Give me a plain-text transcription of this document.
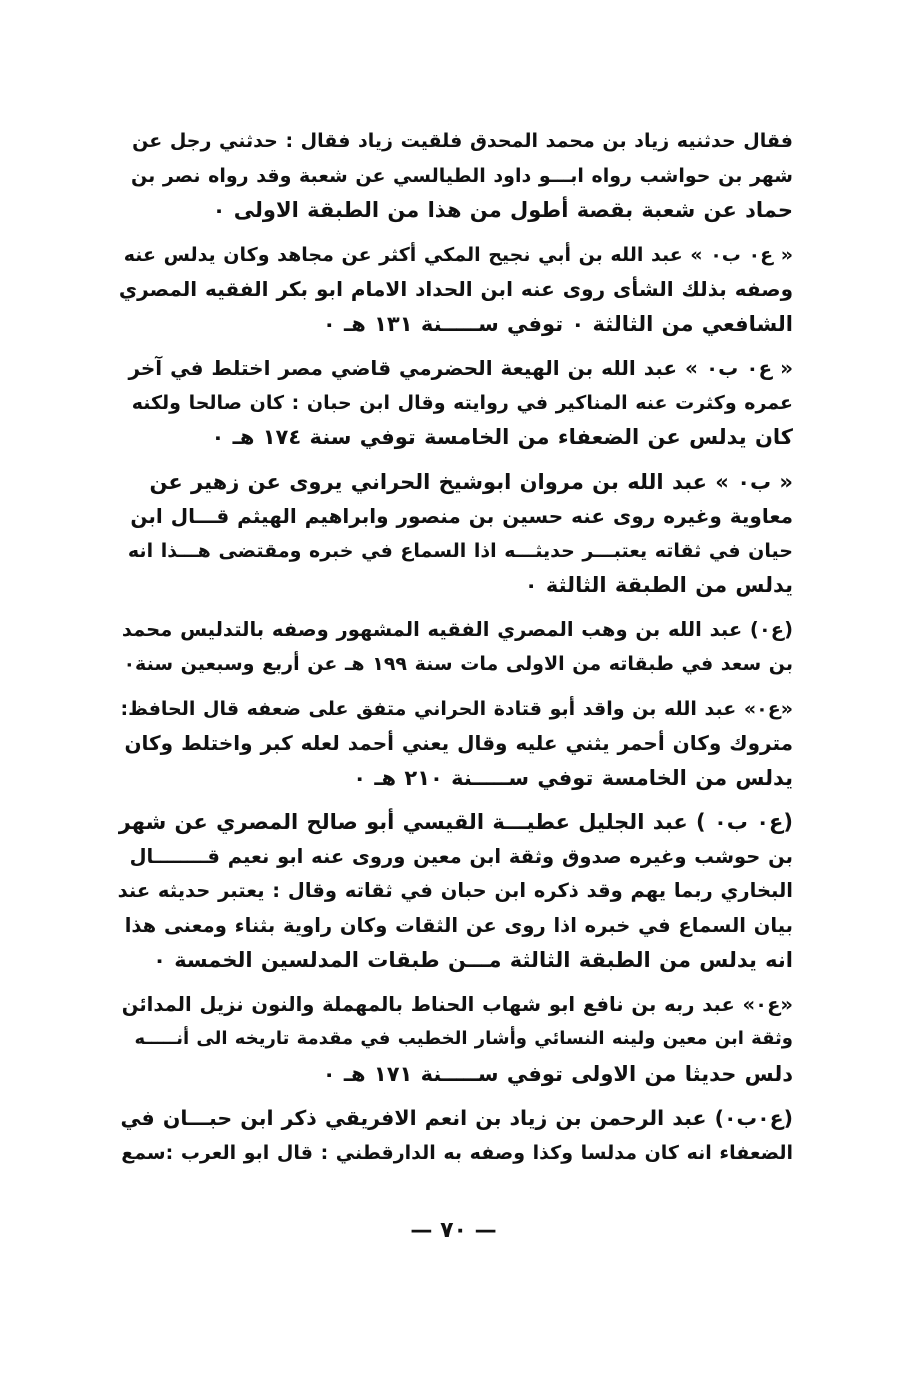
فقال حدثنيه زياد بن محمد المحدق فلقيت زياد فقال : حدثني رجل عن
شهر بن حواشب رواه ابـــو داود الطيالسي عن شعبة وقد رواه نصر بن
حماد عن شعبة بقصة أطول من هذا من الطبقة الاولى ٠

« ع٠ ب٠ » عبد الله بن أبي نجيح المكي أكثر عن مجاهد وكان يدلس عنه
وصفه بذلك الشأى روى عنه ابن الحداد الامام ابو بكر الفقيه المصري
الشافعي من الثالثة ٠ توفي ســـــنة ١٣١ هـ ٠

« ع٠ ب٠ » عبد الله بن الهيعة الحضرمي قاضي مصر اختلط في آخر
عمره وكثرت عنه المناكير في روايته وقال ابن حبان : كان صالحا ولكنه
كان يدلس عن الضعفاء من الخامسة توفي سنة ١٧٤ هـ ٠

« ب٠ » عبد الله بن مروان ابوشيخ الحراني يروى عن زهير عن
معاوية وغيره روى عنه حسين بن منصور وابراهيم الهيثم قـــال ابن
حيان في ثقاته يعتبـــر حديثـــه اذا السماع في خبره ومقتضى هـــذا انه
يدلس من الطبقة الثالثة ٠

(ع٠) عبد الله بن وهب المصري الفقيه المشهور وصفه بالتدليس محمد
بن سعد في طبقاته من الاولى مات سنة ١٩٩ هـ عن أربع وسبعين سنة٠

«ع٠» عبد الله بن واقد أبو قتادة الحراني متفق على ضعفه قال الحافظ:
متروك وكان أحمر يثني عليه وقال يعني أحمد لعله كبر واختلط وكان
يدلس من الخامسة توفي ســـــنة ٢١٠ هـ ٠

(ع٠ ب٠ ) عبد الجليل عطيـــة القيسي أبو صالح المصري عن شهر
بن حوشب وغيره صدوق وثقة ابن معين وروى عنه ابو نعيم قــــــــال
البخاري ربما يهم وقد ذكره ابن حبان في ثقاته وقال : يعتبر حديثه عند
بيان السماع في خبره اذا روى عن الثقات وكان راوية بثناء ومعنى هذا
انه يدلس من الطبقة الثالثة مـــن طبقات المدلسين الخمسة ٠

«ع٠» عبد ربه بن نافع ابو شهاب الحناط بالمهملة والنون نزيل المدائن
وثقة ابن معين ولينه النسائي وأشار الخطيب في مقدمة تاريخه الى أنـــــه
دلس حديثا من الاولى توفي ســـــنة ١٧١ هـ ٠

(ع٠ب٠) عبد الرحمن بن زياد بن انعم الافريقي ذكر ابن حبـــان في
الضعفاء انه كان مدلسا وكذا وصفه به الدارقطني : قال ابو العرب :سمع

— ٧٠ —
